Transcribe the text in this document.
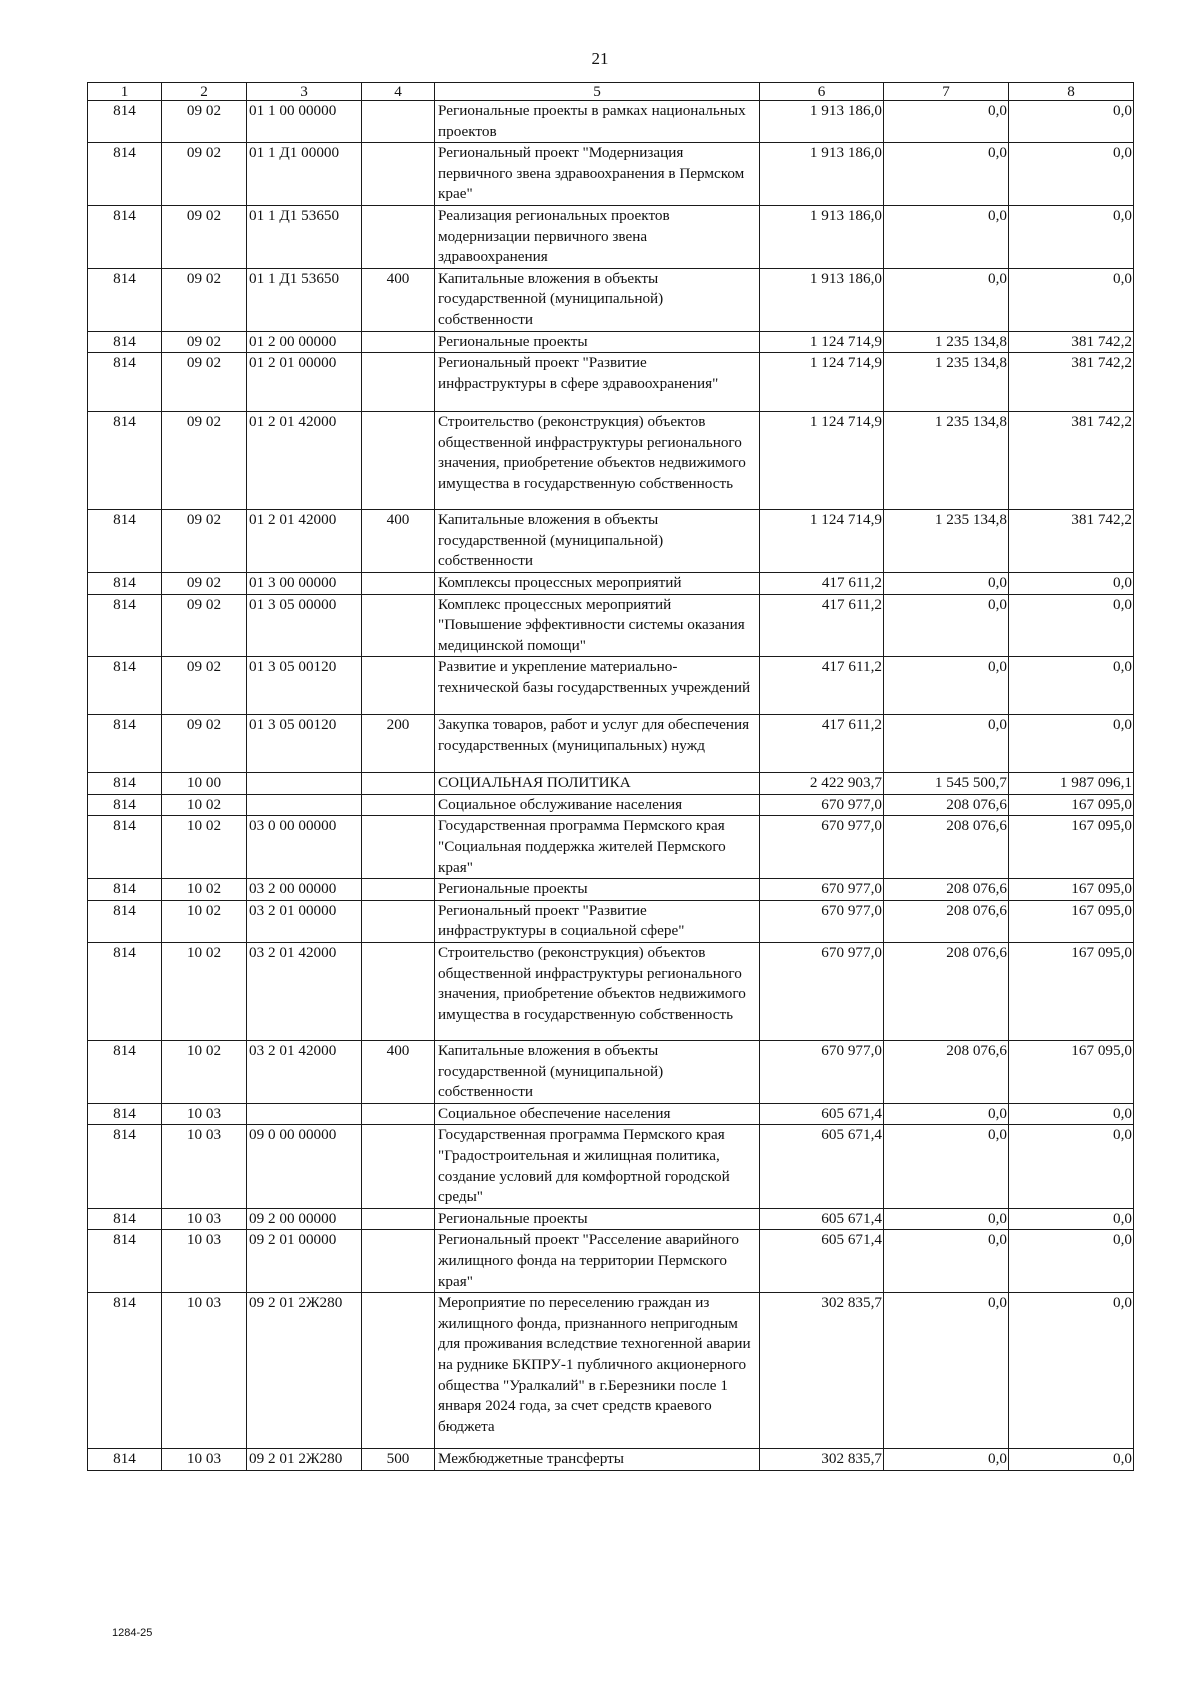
21
1	2	3	4	5	6	7	8
814	09 02	01 1 00 00000		Региональные проекты в рамках национальных проектов	1 913 186,0	0,0	0,0
814	09 02	01 1 Д1 00000		Региональный проект "Модернизация первичного звена здравоохранения в Пермском крае"	1 913 186,0	0,0	0,0
814	09 02	01 1 Д1 53650		Реализация региональных проектов модернизации первичного звена здравоохранения	1 913 186,0	0,0	0,0
814	09 02	01 1 Д1 53650	400	Капитальные вложения в объекты государственной (муниципальной) собственности	1 913 186,0	0,0	0,0
814	09 02	01 2 00 00000		Региональные проекты	1 124 714,9	1 235 134,8	381 742,2
814	09 02	01 2 01 00000		Региональный проект "Развитие инфраструктуры в сфере здравоохранения"	1 124 714,9	1 235 134,8	381 742,2
814	09 02	01 2 01 42000		Строительство (реконструкция) объектов общественной инфраструктуры регионального значения, приобретение объектов недвижимого имущества в государственную собственность	1 124 714,9	1 235 134,8	381 742,2
814	09 02	01 2 01 42000	400	Капитальные вложения в объекты государственной (муниципальной) собственности	1 124 714,9	1 235 134,8	381 742,2
814	09 02	01 3 00 00000		Комплексы процессных мероприятий	417 611,2	0,0	0,0
814	09 02	01 3 05 00000		Комплекс процессных мероприятий "Повышение эффективности системы оказания медицинской помощи"	417 611,2	0,0	0,0
814	09 02	01 3 05 00120		Развитие и укрепление материально-технической базы государственных учреждений	417 611,2	0,0	0,0
814	09 02	01 3 05 00120	200	Закупка товаров, работ и услуг для обеспечения государственных (муниципальных) нужд	417 611,2	0,0	0,0
814	10 00			СОЦИАЛЬНАЯ ПОЛИТИКА	2 422 903,7	1 545 500,7	1 987 096,1
814	10 02			Социальное обслуживание населения	670 977,0	208 076,6	167 095,0
814	10 02	03 0 00 00000		Государственная программа Пермского края "Социальная поддержка жителей Пермского края"	670 977,0	208 076,6	167 095,0
814	10 02	03 2 00 00000		Региональные проекты	670 977,0	208 076,6	167 095,0
814	10 02	03 2 01 00000		Региональный проект "Развитие инфраструктуры в социальной сфере"	670 977,0	208 076,6	167 095,0
814	10 02	03 2 01 42000		Строительство (реконструкция) объектов общественной инфраструктуры регионального значения, приобретение объектов недвижимого имущества в государственную собственность	670 977,0	208 076,6	167 095,0
814	10 02	03 2 01 42000	400	Капитальные вложения в объекты государственной (муниципальной) собственности	670 977,0	208 076,6	167 095,0
814	10 03			Социальное обеспечение населения	605 671,4	0,0	0,0
814	10 03	09 0 00 00000		Государственная программа Пермского края "Градостроительная и жилищная политика, создание условий для комфортной городской среды"	605 671,4	0,0	0,0
814	10 03	09 2 00 00000		Региональные проекты	605 671,4	0,0	0,0
814	10 03	09 2 01 00000		Региональный проект "Расселение аварийного жилищного фонда на территории Пермского края"	605 671,4	0,0	0,0
814	10 03	09 2 01 2Ж280		Мероприятие по переселению граждан из жилищного фонда, признанного непригодным для проживания вследствие техногенной аварии на руднике БКПРУ-1 публичного акционерного общества "Уралкалий" в г.Березники после 1 января 2024 года, за счет средств краевого бюджета	302 835,7	0,0	0,0
814	10 03	09 2 01 2Ж280	500	Межбюджетные трансферты	302 835,7	0,0	0,0
1284-25
